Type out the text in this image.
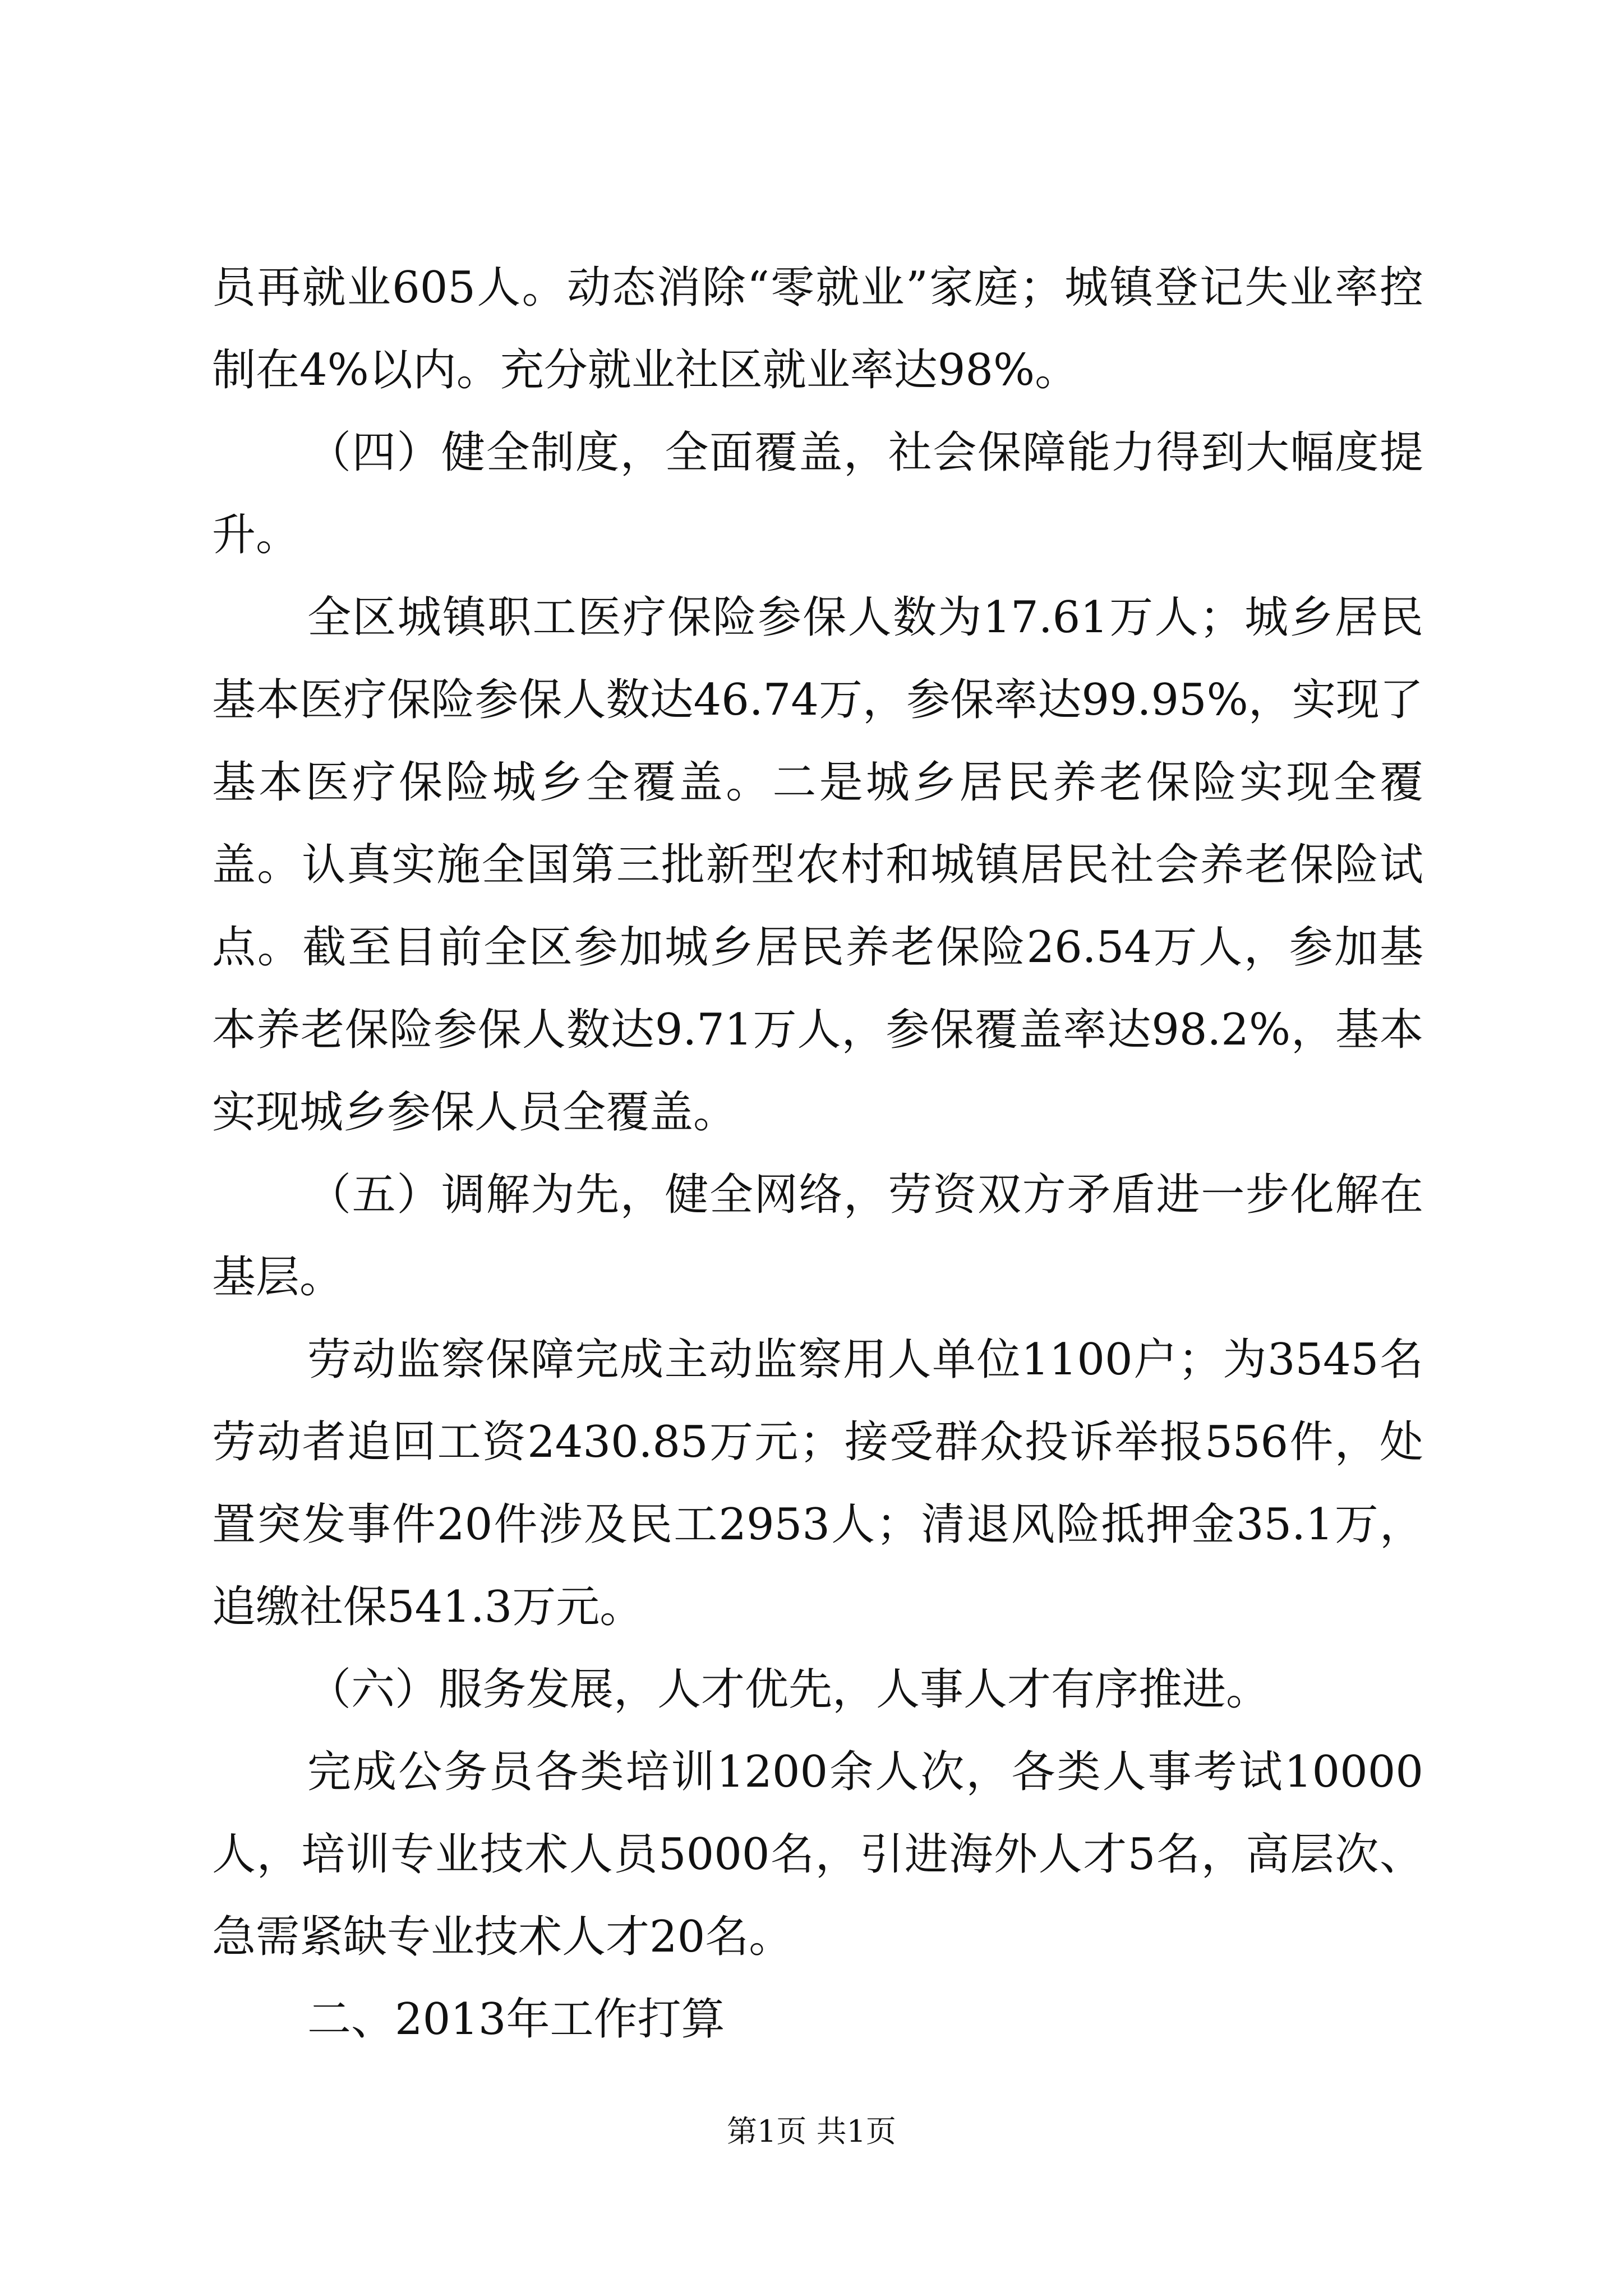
员再就业605人。动态消除“零就业”家庭；城镇登记失业率控制在4%以内。充分就业社区就业率达98%。

（四）健全制度，全面覆盖，社会保障能力得到大幅度提升。

全区城镇职工医疗保险参保人数为17.61万人；城乡居民基本医疗保险参保人数达46.74万，参保率达99.95%，实现了基本医疗保险城乡全覆盖。二是城乡居民养老保险实现全覆盖。认真实施全国第三批新型农村和城镇居民社会养老保险试点。截至目前全区参加城乡居民养老保险26.54万人，参加基本养老保险参保人数达9.71万人，参保覆盖率达98.2%，基本实现城乡参保人员全覆盖。

（五）调解为先，健全网络，劳资双方矛盾进一步化解在基层。

劳动监察保障完成主动监察用人单位1100户；为3545名劳动者追回工资2430.85万元；接受群众投诉举报556件，处置突发事件20件涉及民工2953人；清退风险抵押金35.1万，追缴社保541.3万元。

（六）服务发展，人才优先，人事人才有序推进。

完成公务员各类培训1200余人次，各类人事考试10000人，培训专业技术人员5000名，引进海外人才5名，高层次、急需紧缺专业技术人才20名。

二、2013年工作打算

第1页 共1页
